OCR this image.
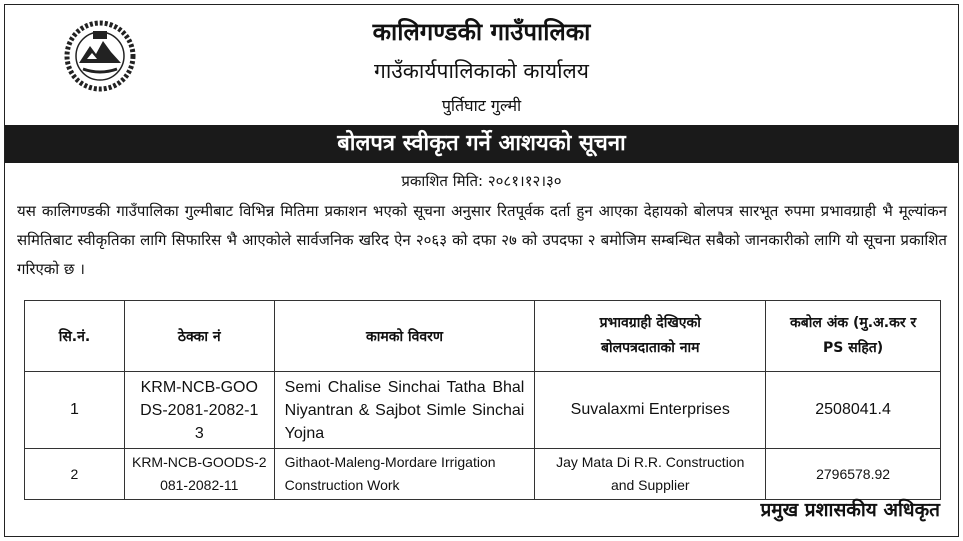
कालिगण्डकी गाउँपालिका
गाउँकार्यपालिकाको कार्यालय
पुर्तिघाट गुल्मी
बोलपत्र स्वीकृत गर्ने आशयको सूचना
प्रकाशित मिति: २०८१।१२।३०
यस कालिगण्डकी गाउँपालिका गुल्मीबाट विभिन्न मितिमा प्रकाशन भएको सूचना अनुसार रितपूर्वक दर्ता हुन आएका देहायको बोलपत्र सारभूत रुपमा प्रभावग्राही भै मूल्यांकन समितिबाट स्वीकृतिका लागि सिफारिस भै आएकोले सार्वजनिक खरिद ऐन २०६३ को दफा २७ को उपदफा २ बमोजिम सम्बन्धित सबैको जानकारीको लागि यो सूचना प्रकाशित गरिएको छ ।
सि.नं.	ठेक्का नं	कामको विवरण	प्रभावग्राही देखिएको बोलपत्रदाताको नाम	कबोल अंक (मु.अ.कर र PS सहित)
1	KRM-NCB-GOODS-2081-2082-13	Semi Chalise Sinchai Tatha Bhal Niyantran & Sajbot Simle Sinchai Yojna	Suvalaxmi Enterprises	2508041.4
2	KRM-NCB-GOODS-2081-2082-11	Githaot-Maleng-Mordare Irrigation Construction Work	Jay Mata Di R.R. Construction and Supplier	2796578.92
प्रमुख प्रशासकीय अधिकृत
